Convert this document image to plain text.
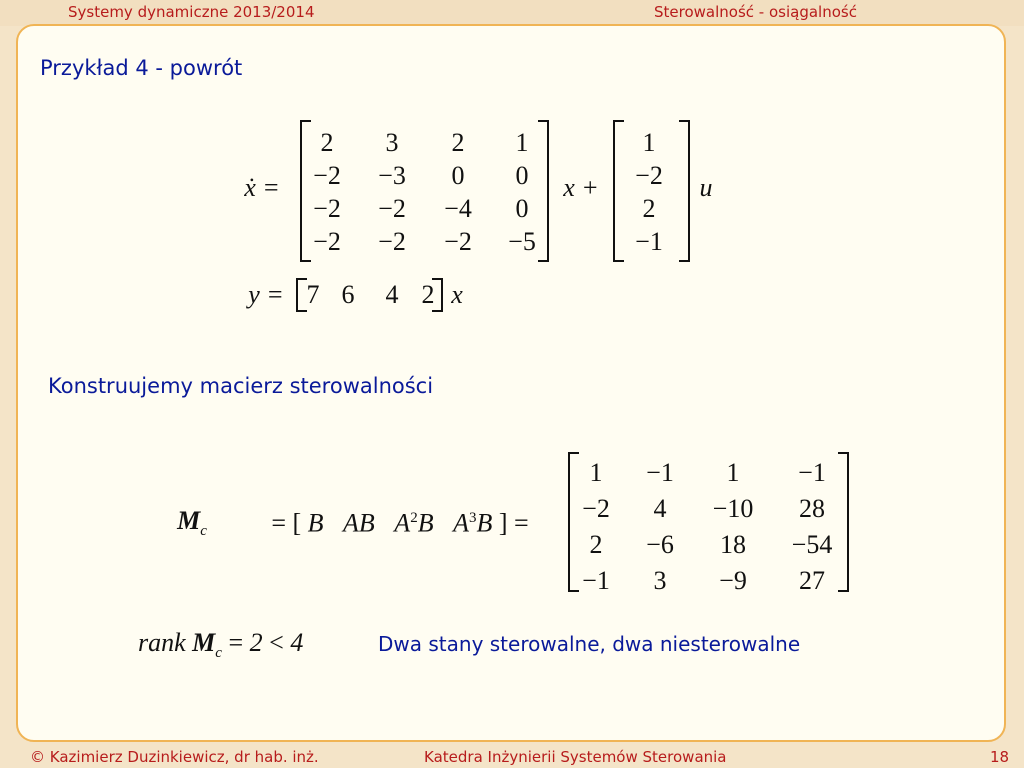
Systemy dynamiczne 2013/2014	Sterowalność - osiągalność
Przykład 4 - powrót
ẋ =
2 3 2 1
−2 −3 0 0
−2 −2 −4 0
−2 −2 −2 −5
x +
1
−2
2
−1
u
y = 7 6 4 2 x
Konstruujemy macierz sterowalności
$M_c$ = [ B AB $A^2B$ $A^3B$ ] =
1 −1 1 −1
−2 4 −10 28
2 −6 18 −54
−1 3 −9 27
rank $M_c = 2 < 4$	Dwa stany sterowalne, dwa niesterowalne
© Kazimierz Duzinkiewicz, dr hab. inż.	Katedra Inżynierii Systemów Sterowania	18
